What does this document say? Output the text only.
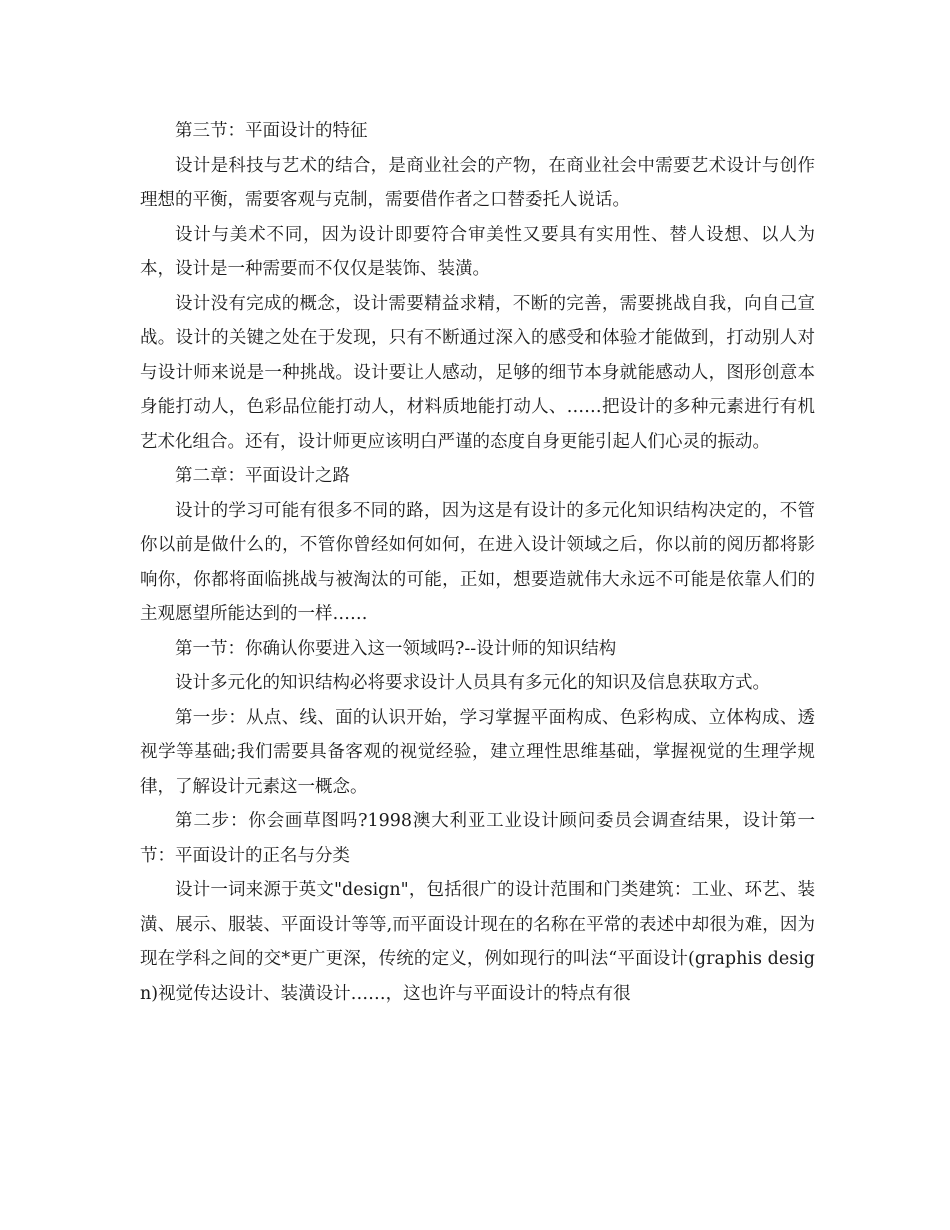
第三节：平面设计的特征

设计是科技与艺术的结合，是商业社会的产物，在商业社会中需要艺术设计与创作理想的平衡，需要客观与克制，需要借作者之口替委托人说话。

设计与美术不同，因为设计即要符合审美性又要具有实用性、替人设想、以人为本，设计是一种需要而不仅仅是装饰、装潢。

设计没有完成的概念，设计需要精益求精，不断的完善，需要挑战自我，向自己宣战。设计的关键之处在于发现，只有不断通过深入的感受和体验才能做到，打动别人对与设计师来说是一种挑战。设计要让人感动，足够的细节本身就能感动人，图形创意本身能打动人，色彩品位能打动人，材料质地能打动人、……把设计的多种元素进行有机艺术化组合。还有，设计师更应该明白严谨的态度自身更能引起人们心灵的振动。

第二章：平面设计之路

设计的学习可能有很多不同的路，因为这是有设计的多元化知识结构决定的，不管你以前是做什么的，不管你曾经如何如何，在进入设计领域之后，你以前的阅历都将影响你，你都将面临挑战与被淘汰的可能，正如，想要造就伟大永远不可能是依靠人们的主观愿望所能达到的一样……

第一节：你确认你要进入这一领域吗?--设计师的知识结构

设计多元化的知识结构必将要求设计人员具有多元化的知识及信息获取方式。

第一步：从点、线、面的认识开始，学习掌握平面构成、色彩构成、立体构成、透视学等基础;我们需要具备客观的视觉经验，建立理性思维基础，掌握视觉的生理学规律，了解设计元素这一概念。

第二步：你会画草图吗?1998澳大利亚工业设计顾问委员会调查结果，设计第一节：平面设计的正名与分类

设计一词来源于英文"design"，包括很广的设计范围和门类建筑：工业、环艺、装潢、展示、服装、平面设计等等,而平面设计现在的名称在平常的表述中却很为难，因为现在学科之间的交*更广更深，传统的定义，例如现行的叫法“平面设计(graphis design)视觉传达设计、装潢设计……，这也许与平面设计的特点有很
